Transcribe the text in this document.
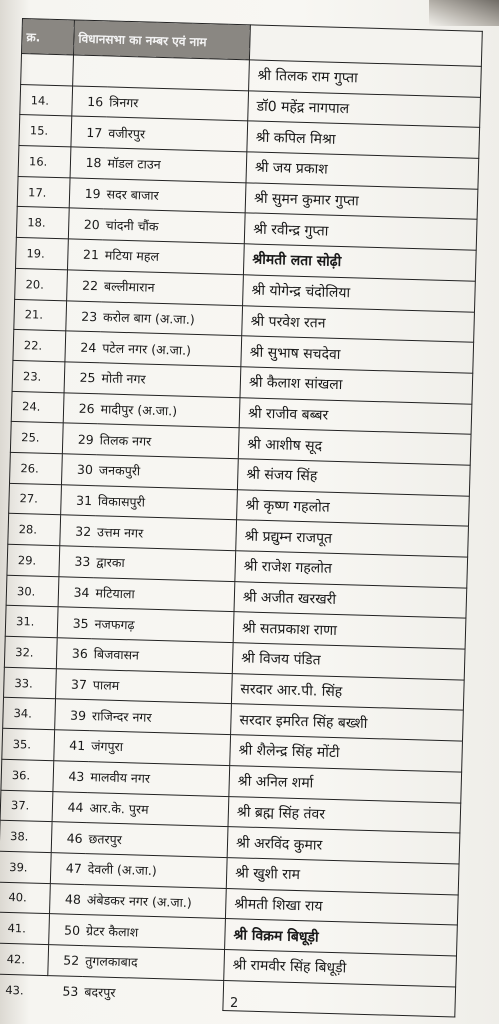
क्र.	विधानसभा का नम्बर एवं नाम		
			श्री तिलक राम गुप्ता
14.	16	त्रिनगर	डॉ0 महेंद्र नागपाल
15.	17	वजीरपुर	श्री कपिल मिश्रा
16.	18	मॉडल टाउन	श्री जय प्रकाश
17.	19	सदर बाजार	श्री सुमन कुमार गुप्ता
18.	20	चांदनी चौंक	श्री रवीन्द्र गुप्ता
19.	21	मटिया महल	श्रीमती लता सोढ़ी
20.	22	बल्लीमारान	श्री योगेन्द्र चंदोलिया
21.	23	करोल बाग (अ.जा.)	श्री परवेश रतन
22.	24	पटेल नगर (अ.जा.)	श्री सुभाष सचदेवा
23.	25	मोती नगर	श्री कैलाश सांखला
24.	26	मादीपुर (अ.जा.)	श्री राजीव बब्बर
25.	29	तिलक नगर	श्री आशीष सूद
26.	30	जनकपुरी	श्री संजय सिंह
27.	31	विकासपुरी	श्री कृष्ण गहलोत
28.	32	उत्तम नगर	श्री प्रद्युम्न राजपूत
29.	33	द्वारका	श्री राजेश गहलोत
30.	34	मटियाला	श्री अजीत खरखरी
31.	35	नजफगढ़	श्री सतप्रकाश राणा
32.	36	बिजवासन	श्री विजय पंडित
33.	37	पालम	सरदार आर.पी. सिंह
34.	39	राजिन्दर नगर	सरदार इमरित सिंह बख्शी
35.	41	जंगपुरा	श्री शैलेन्द्र सिंह मोंटी
36.	43	मालवीय नगर	श्री अनिल शर्मा
37.	44	आर.के. पुरम	श्री ब्रह्म सिंह तंवर
38.	46	छतरपुर	श्री अरविंद कुमार
39.	47	देवली (अ.जा.)	श्री खुशी राम
40.	48	अंबेडकर नगर (अ.जा.)	श्रीमती शिखा राय
41.	50	ग्रेटर कैलाश	श्री विक्रम बिधूड़ी
42.	52	तुगलकाबाद	श्री रामवीर सिंह बिधूड़ी
43.	53	बदरपुर	
2
